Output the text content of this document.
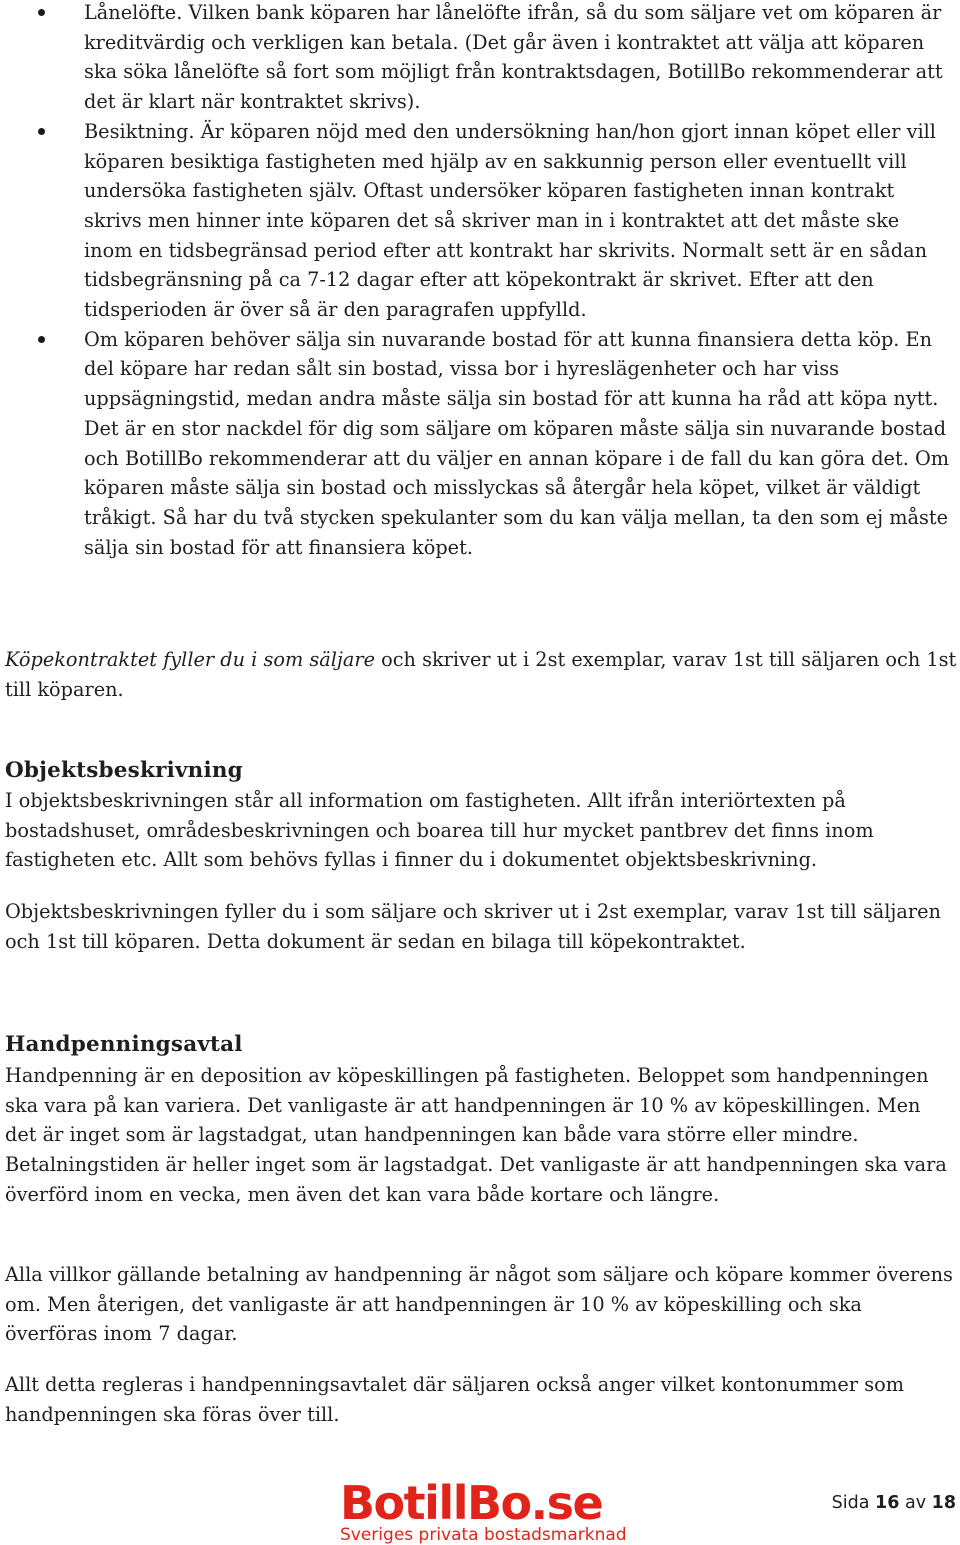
Lånelöfte. Vilken bank köparen har lånelöfte ifrån, så du som säljare vet om köparen är kreditvärdig och verkligen kan betala. (Det går även i kontraktet att välja att köparen ska söka lånelöfte så fort som möjligt från kontraktsdagen, BotillBo rekommenderar att det är klart när kontraktet skrivs).
Besiktning. Är köparen nöjd med den undersökning han/hon gjort innan köpet eller vill köparen besiktiga fastigheten med hjälp av en sakkunnig person eller eventuellt vill undersöka fastigheten själv. Oftast undersöker köparen fastigheten innan kontrakt skrivs men hinner inte köparen det så skriver man in i kontraktet att det måste ske inom en tidsbegränsad period efter att kontrakt har skrivits. Normalt sett är en sådan tidsbegränsning på ca 7-12 dagar efter att köpekontrakt är skrivet. Efter att den tidsperioden är över så är den paragrafen uppfylld.
Om köparen behöver sälja sin nuvarande bostad för att kunna finansiera detta köp. En del köpare har redan sålt sin bostad, vissa bor i hyreslägenheter och har viss uppsägningstid, medan andra måste sälja sin bostad för att kunna ha råd att köpa nytt. Det är en stor nackdel för dig som säljare om köparen måste sälja sin nuvarande bostad och BotillBo rekommenderar att du väljer en annan köpare i de fall du kan göra det. Om köparen måste sälja sin bostad och misslyckas så återgår hela köpet, vilket är väldigt tråkigt. Så har du två stycken spekulanter som du kan välja mellan, ta den som ej måste sälja sin bostad för att finansiera köpet.

Köpekontraktet fyller du i som säljare och skriver ut i 2st exemplar, varav 1st till säljaren och 1st till köparen.

Objektsbeskrivning

I objektsbeskrivningen står all information om fastigheten. Allt ifrån interiörtexten på bostadshuset, områdesbeskrivningen och boarea till hur mycket pantbrev det finns inom fastigheten etc. Allt som behövs fyllas i finner du i dokumentet objektsbeskrivning.

Objektsbeskrivningen fyller du i som säljare och skriver ut i 2st exemplar, varav 1st till säljaren och 1st till köparen. Detta dokument är sedan en bilaga till köpekontraktet.

Handpenningsavtal

Handpenning är en deposition av köpeskillingen på fastigheten. Beloppet som handpenningen ska vara på kan variera. Det vanligaste är att handpenningen är 10 % av köpeskillingen. Men det är inget som är lagstadgat, utan handpenningen kan både vara större eller mindre. Betalningstiden är heller inget som är lagstadgat. Det vanligaste är att handpenningen ska vara överförd inom en vecka, men även det kan vara både kortare och längre.

Alla villkor gällande betalning av handpenning är något som säljare och köpare kommer överens om. Men återigen, det vanligaste är att handpenningen är 10 % av köpeskilling och ska överföras inom 7 dagar.

Allt detta regleras i handpenningsavtalet där säljaren också anger vilket kontonummer som handpenningen ska föras över till.

BotillBo.se
Sveriges privata bostadsmarknad
Sida 16 av 18
